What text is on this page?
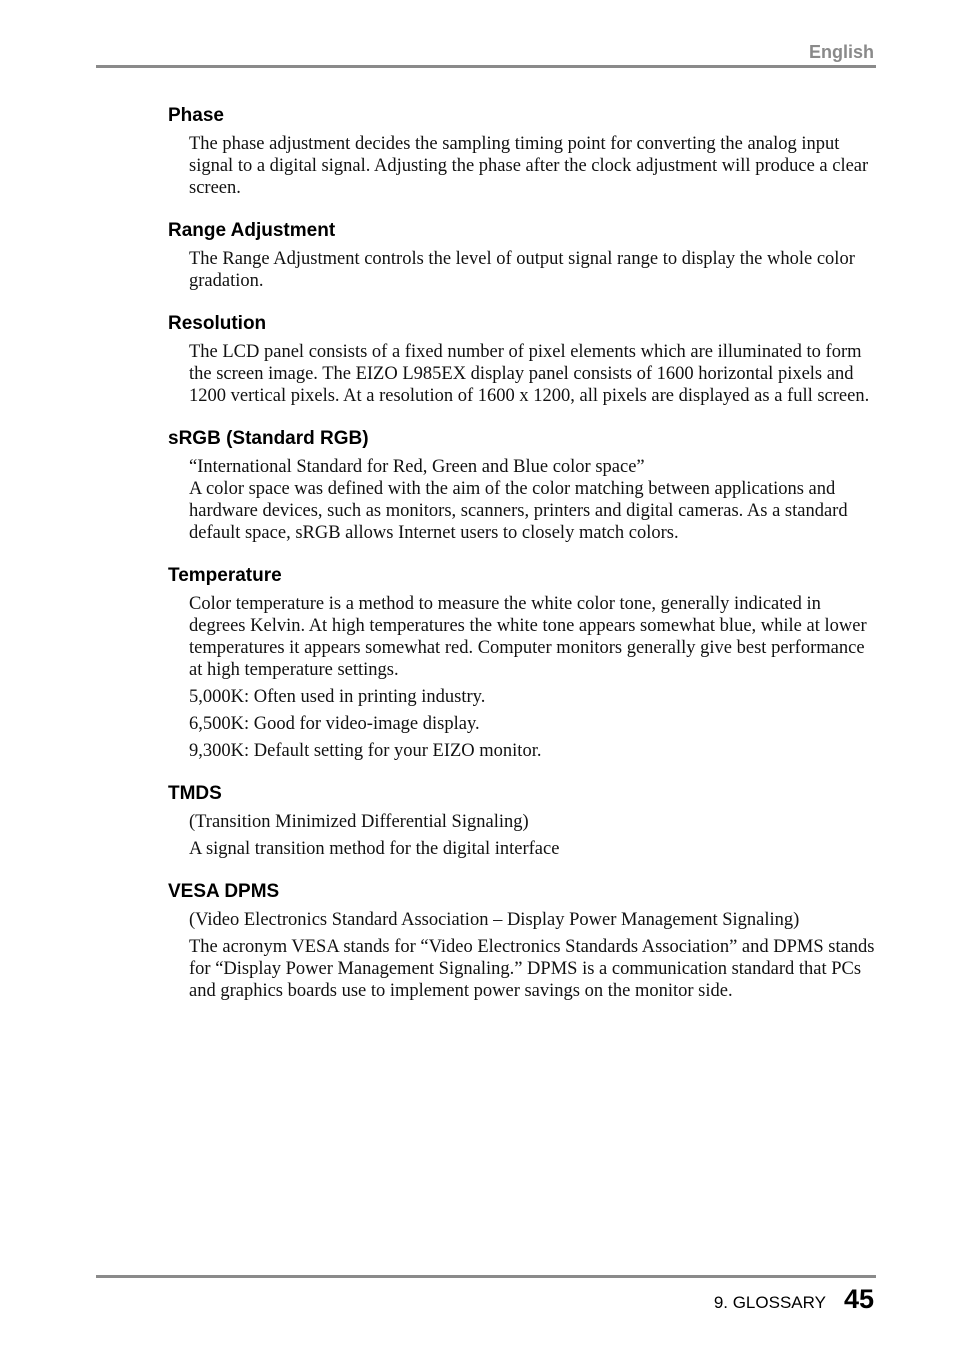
English
Phase

The phase adjustment decides the sampling timing point for converting the analog input signal to a digital signal. Adjusting the phase after the clock adjustment will produce a clear screen.

Range Adjustment

The Range Adjustment controls the level of output signal range to display the whole color gradation.

Resolution

The LCD panel consists of a fixed number of pixel elements which are illuminated to form the screen image. The EIZO L985EX display panel consists of 1600 horizontal pixels and 1200 vertical pixels. At a resolution of 1600 x 1200, all pixels are displayed as a full screen.

sRGB (Standard RGB)

“International Standard for Red, Green and Blue color space”

A color space was defined with the aim of the color matching between applications and hardware devices, such as monitors, scanners, printers and digital cameras. As a standard default space, sRGB allows Internet users to closely match colors.

Temperature

Color temperature is a method to measure the white color tone, generally indicated in degrees Kelvin. At high temperatures the white tone appears somewhat blue, while at lower temperatures it appears somewhat red. Computer monitors generally give best performance at high temperature settings.

5,000K: Often used in printing industry.

6,500K: Good for video-image display.

9,300K: Default setting for your EIZO monitor.

TMDS

(Transition Minimized Differential Signaling)

A signal transition method for the digital interface

VESA DPMS

(Video Electronics Standard Association – Display Power Management Signaling)

The acronym VESA stands for “Video Electronics Standards Association” and DPMS stands for “Display Power Management Signaling.” DPMS is a communication standard that PCs and graphics boards use to implement power savings on the monitor side.

9. GLOSSARY 45
